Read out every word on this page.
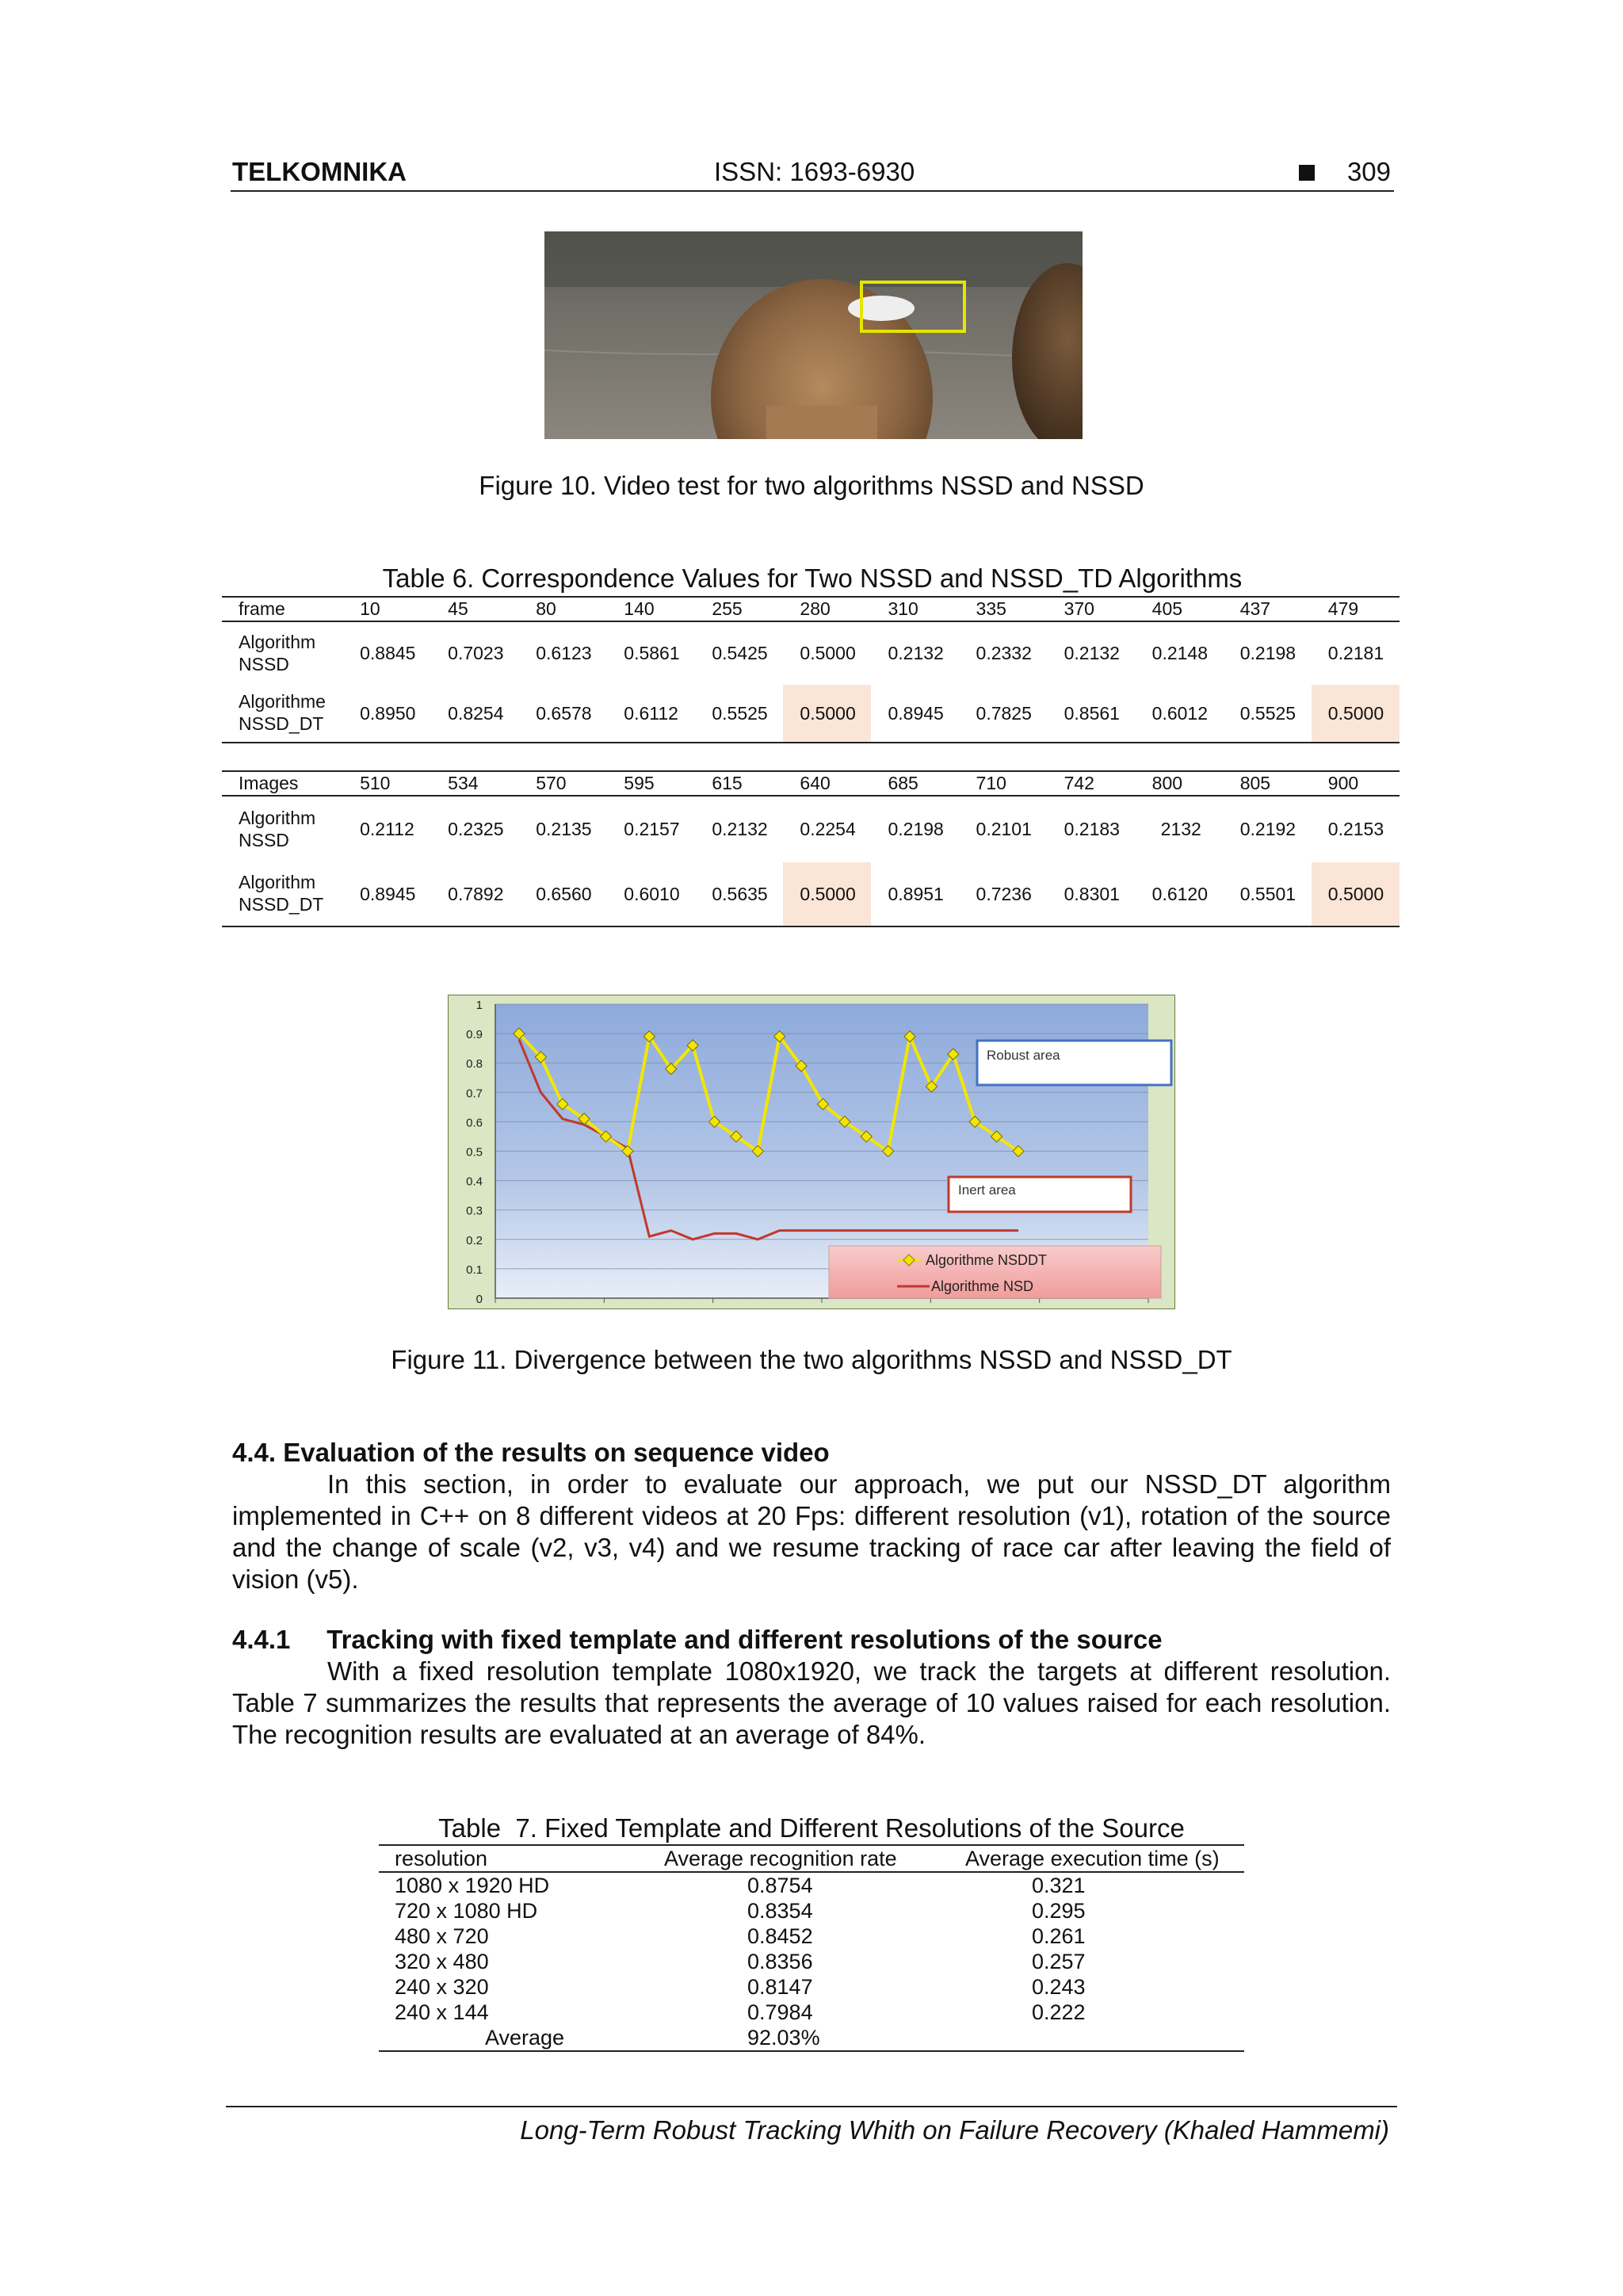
TELKOMNIKA	ISSN: 1693-6930	309
Figure 10. Video test for two algorithms NSSD and NSSD
Table 6. Correspondence Values for Two NSSD and NSSD_TD Algorithms
frame	10	45	80	140	255	280	310	335	370	405	437	479
Algorithm NSSD	0.8845	0.7023	0.6123	0.5861	0.5425	0.5000	0.2132	0.2332	0.2132	0.2148	0.2198	0.2181
Algorithme NSSD_DT	0.8950	0.8254	0.6578	0.6112	0.5525	0.5000	0.8945	0.7825	0.8561	0.6012	0.5525	0.5000
Images	510	534	570	595	615	640	685	710	742	800	805	900
Algorithm NSSD	0.2112	0.2325	0.2135	0.2157	0.2132	0.2254	0.2198	0.2101	0.2183	2132	0.2192	0.2153
Algorithm NSSD_DT	0.8945	0.7892	0.6560	0.6010	0.5635	0.5000	0.8951	0.7236	0.8301	0.6120	0.5501	0.5000
0
0.1
0.2
0.3
0.4
0.5
0.6
0.7
0.8
0.9
1
Robust area
Inert area
Algorithme NSDDT
Algorithme NSD
Figure 11. Divergence between the two algorithms NSSD and NSSD_DT
4.4. Evaluation of the results on sequence video
In this section, in order to evaluate our approach, we put our NSSD_DT algorithm implemented in C++ on 8 different videos at 20 Fps: different resolution (v1), rotation of the source and the change of scale (v2, v3, v4) and we resume tracking of race car after leaving the field of vision (v5).
4.4.1     Tracking with fixed template and different resolutions of the source
With a fixed resolution template 1080x1920, we track the targets at different resolution. Table 7 summarizes the results that represents the average of 10 values raised for each resolution. The recognition results are evaluated at an average of 84%.
Table  7. Fixed Template and Different Resolutions of the Source
resolution	Average recognition rate	Average execution time (s)
1080 x 1920 HD	0.8754	0.321
720 x 1080 HD	0.8354	0.295
480 x 720	0.8452	0.261
320 x 480	0.8356	0.257
240 x 320	0.8147	0.243
240 x 144	0.7984	0.222
Average	92.03%	
Long-Term Robust Tracking Whith on Failure Recovery (Khaled Hammemi)
